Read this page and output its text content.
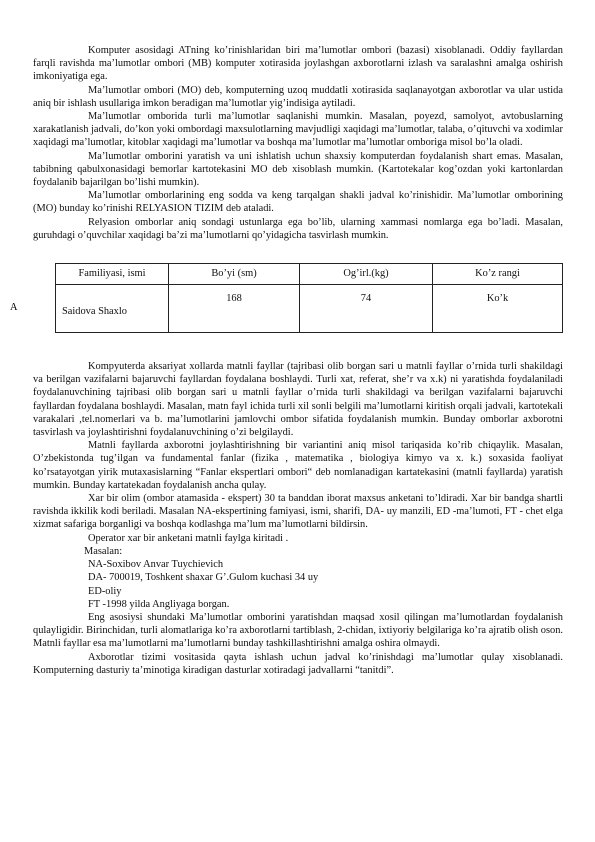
Komputer asosidagi ATning ko’rinishlaridan biri ma’lumotlar ombori (bazasi) xisoblanadi. Oddiy fayllardan farqli ravishda ma’lumotlar ombori (MB) komputer xotirasida joylashgan axborotlarni izlash va saralashni amalga oshirish imkoniyatiga ega.

Ma’lumotlar ombori (MO) deb, komputerning uzoq muddatli xotirasida saqlanayotgan axborotlar va ular ustida aniq bir ishlash usullariga imkon beradigan ma’lumotlar yig’indisiga aytiladi.

Ma’lumotlar omborida turli ma’lumotlar saqlanishi mumkin. Masalan, poyezd, samolyot, avtobuslarning xarakatlanish jadvali, do’kon yoki ombordagi maxsulotlarning mavjudligi xaqidagi ma’lumotlar, talaba, o’qituvchi va xodimlar xaqidagi ma’lumotlar, kitoblar xaqidagi ma’lumotlar va boshqa ma’lumotlar ma’lumotlar omboriga misol bo’la oladi.

Ma’lumotlar omborini yaratish va uni ishlatish uchun shaxsiy komputerdan foydalanish shart emas. Masalan, tabibning qabulxonasidagi bemorlar kartotekasini MO deb xisoblash mumkin. (Kartotekalar kog’ozdan yoki kartonlardan foydalanib bajarilgan bo’lishi mumkin).

Ma’lumotlar omborlarining eng sodda va keng tarqalgan shakli jadval ko’rinishidir. Ma’lumotlar omborining (MO) bunday ko’rinishi RELYASION TIZIM deb ataladi.

Relyasion omborlar aniq sondagi ustunlarga ega bo’lib, ularning xammasi nomlarga ega bo’ladi. Masalan, guruhdagi o’quvchilar xaqidagi ba’zi ma’lumotlarni qo’yidagicha tasvirlash mumkin.

Familiyasi, ismi	Bo’yi (sm)	Og’irl.(kg)	Ko’z rangi
Saidova Shaxlo	168	74	Ko’k

Kompyuterda aksariyat xollarda matnli fayllar (tajribasi olib borgan sari u matnli fayllar o’rnida turli shakildagi va berilgan vazifalarni bajaruvchi fayllardan foydalana boshlaydi. Turli xat, referat, she’r va x.k) ni yaratishda foydalaniladi foydalanuvchining tajribasi olib borgan sari u matnli fayllar o’rnida turli shakildagi va berilgan vazifalarni bajaruvchi fayllardan foydalana boshlaydi. Masalan, matn fayl ichida turli xil sonli belgili ma’lumotlarni kiritish orqali jadvali, kartotekali varakalari ,tel.nomerlari va b. ma’lumotlarini jamlovchi ombor sifatida foydalanish mumkin. Bunday omborlar axborotni tasvirlash va joylashtirishni foydalanuvchining o’zi belgilaydi.

Matnli fayllarda axborotni joylashtirishning bir variantini aniq misol tariqasida ko’rib chiqaylik. Masalan, O’zbekistonda tug’ilgan va fundamental fanlar (fizika , matematika , biologiya kimyo va x. k.) soxasida faoliyat ko’rsatayotgan yirik mutaxasislarning “Fanlar ekspertlari ombori“ deb nomlanadigan kartatekasini (matnli fayllarda) yaratish mumkin. Bunday kartatekadan foydalanish ancha qulay.

Xar bir olim (ombor atamasida - ekspert) 30 ta banddan iborat maxsus anketani to’ldiradi. Xar bir bandga shartli ravishda ikkilik kodi beriladi. Masalan NA-ekspertining famiyasi, ismi, sharifi, DA- uy manzili, ED -ma’lumoti, FT - chet elga xizmat safariga borganligi va boshqa kodlashga ma’lum ma’lumotlarni bildirsin.

Operator xar bir anketani matnli faylga kiritadi .
Masalan:
NA-Soxibov Anvar Tuychievich
DA- 700019, Toshkent shaxar G’.Gulom kuchasi 34 uy
ED-oliy
FT -1998 yilda Angliyaga borgan.

Eng asosiysi shundaki Ma’lumotlar omborini yaratishdan maqsad xosil qilingan ma’lumotlardan foydalanish qulayligidir. Birinchidan, turli alomatlariga ko’ra axborotlarni tartiblash, 2-chidan, ixtiyoriy belgilariga ko’ra ajratib olish oson. Matnli fayllar esa ma’lumotlarni ma’lumotlarni bunday tashkillashtirishni amalga oshira olmaydi.

Axborotlar tizimi vositasida qayta ishlash uchun jadval ko’rinishdagi ma’lumotlar qulay xisoblanadi. Komputerning dasturiy ta’minotiga kiradigan dasturlar xotiradagi jadvallarni “tanitdi”.

A
